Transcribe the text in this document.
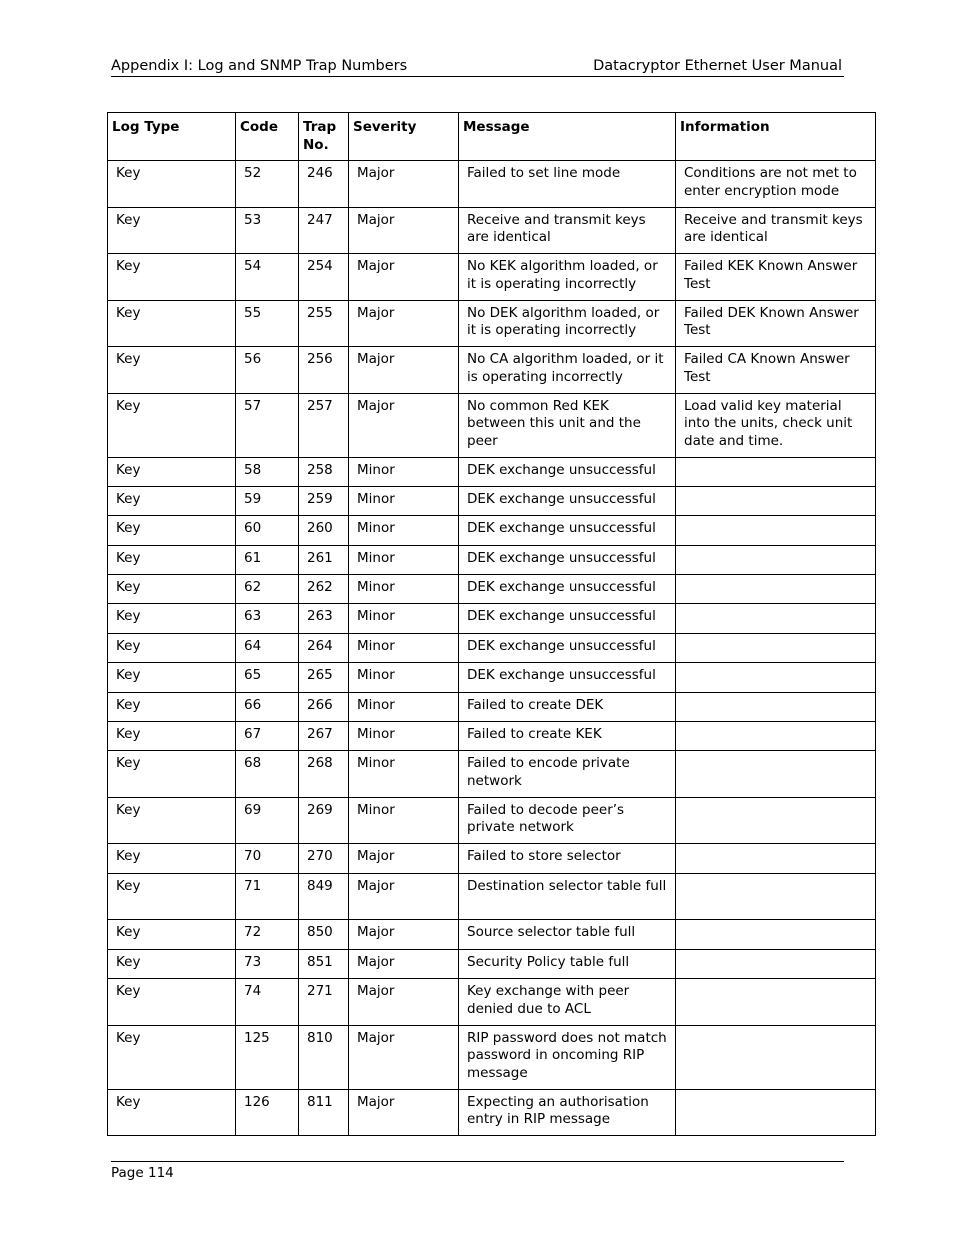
Appendix I: Log and SNMP Trap Numbers	Datacryptor Ethernet User Manual
Log Type	Code	Trap No.	Severity	Message	Information
Key	52	246	Major	Failed to set line mode	Conditions are not met to enter encryption mode
Key	53	247	Major	Receive and transmit keys are identical	Receive and transmit keys are identical
Key	54	254	Major	No KEK algorithm loaded, or it is operating incorrectly	Failed KEK Known Answer Test
Key	55	255	Major	No DEK algorithm loaded, or it is operating incorrectly	Failed DEK Known Answer Test
Key	56	256	Major	No CA algorithm loaded, or it is operating incorrectly	Failed CA Known Answer Test
Key	57	257	Major	No common Red KEK between this unit and the peer	Load valid key material into the units, check unit date and time.
Key	58	258	Minor	DEK exchange unsuccessful	
Key	59	259	Minor	DEK exchange unsuccessful	
Key	60	260	Minor	DEK exchange unsuccessful	
Key	61	261	Minor	DEK exchange unsuccessful	
Key	62	262	Minor	DEK exchange unsuccessful	
Key	63	263	Minor	DEK exchange unsuccessful	
Key	64	264	Minor	DEK exchange unsuccessful	
Key	65	265	Minor	DEK exchange unsuccessful	
Key	66	266	Minor	Failed to create DEK	
Key	67	267	Minor	Failed to create KEK	
Key	68	268	Minor	Failed to encode private network	
Key	69	269	Minor	Failed to decode peer’s private network	
Key	70	270	Major	Failed to store selector	
Key	71	849	Major	Destination selector table full	
Key	72	850	Major	Source selector table full	
Key	73	851	Major	Security Policy table full	
Key	74	271	Major	Key exchange with peer denied due to ACL	
Key	125	810	Major	RIP password does not match password in oncoming RIP message	
Key	126	811	Major	Expecting an authorisation entry in RIP message	
Page 114
